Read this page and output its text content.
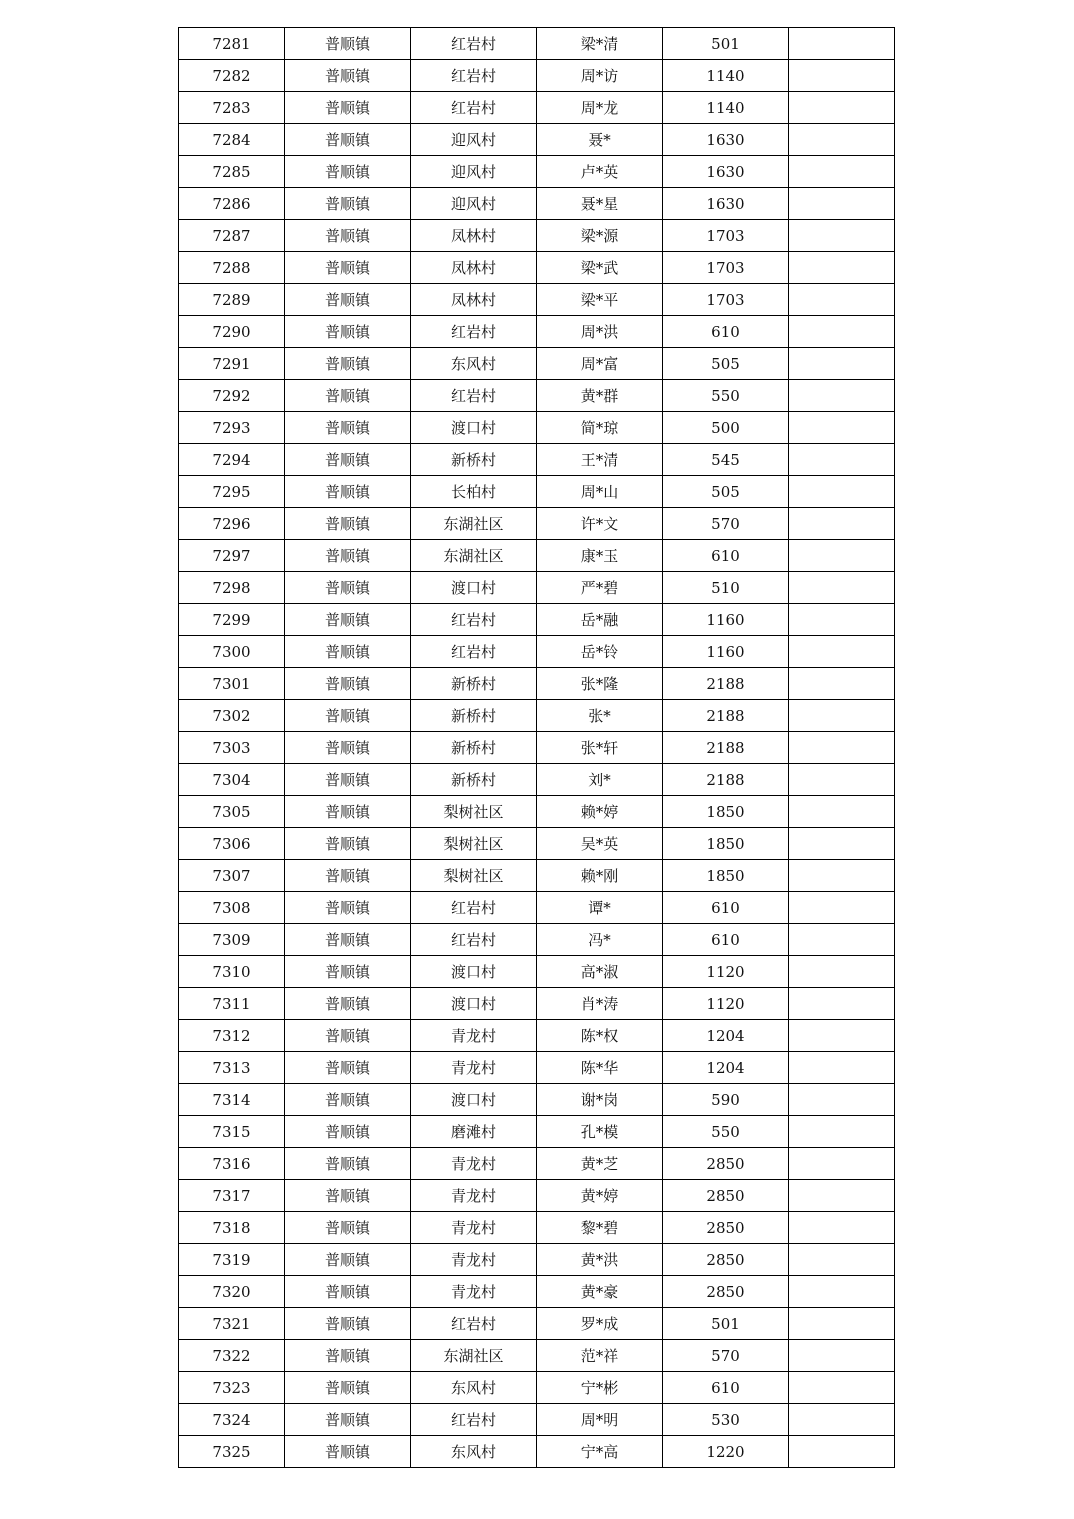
7281	普顺镇	红岩村	梁*清	501	
7282	普顺镇	红岩村	周*访	1140	
7283	普顺镇	红岩村	周*龙	1140	
7284	普顺镇	迎风村	聂*	1630	
7285	普顺镇	迎风村	卢*英	1630	
7286	普顺镇	迎风村	聂*星	1630	
7287	普顺镇	凤林村	梁*源	1703	
7288	普顺镇	凤林村	梁*武	1703	
7289	普顺镇	凤林村	梁*平	1703	
7290	普顺镇	红岩村	周*洪	610	
7291	普顺镇	东风村	周*富	505	
7292	普顺镇	红岩村	黄*群	550	
7293	普顺镇	渡口村	简*琼	500	
7294	普顺镇	新桥村	王*清	545	
7295	普顺镇	长柏村	周*山	505	
7296	普顺镇	东湖社区	许*文	570	
7297	普顺镇	东湖社区	康*玉	610	
7298	普顺镇	渡口村	严*碧	510	
7299	普顺镇	红岩村	岳*融	1160	
7300	普顺镇	红岩村	岳*铃	1160	
7301	普顺镇	新桥村	张*隆	2188	
7302	普顺镇	新桥村	张*	2188	
7303	普顺镇	新桥村	张*轩	2188	
7304	普顺镇	新桥村	刘*	2188	
7305	普顺镇	梨树社区	赖*婷	1850	
7306	普顺镇	梨树社区	吴*英	1850	
7307	普顺镇	梨树社区	赖*刚	1850	
7308	普顺镇	红岩村	谭*	610	
7309	普顺镇	红岩村	冯*	610	
7310	普顺镇	渡口村	高*淑	1120	
7311	普顺镇	渡口村	肖*涛	1120	
7312	普顺镇	青龙村	陈*权	1204	
7313	普顺镇	青龙村	陈*华	1204	
7314	普顺镇	渡口村	谢*岗	590	
7315	普顺镇	磨滩村	孔*模	550	
7316	普顺镇	青龙村	黄*芝	2850	
7317	普顺镇	青龙村	黄*婷	2850	
7318	普顺镇	青龙村	黎*碧	2850	
7319	普顺镇	青龙村	黄*洪	2850	
7320	普顺镇	青龙村	黄*豪	2850	
7321	普顺镇	红岩村	罗*成	501	
7322	普顺镇	东湖社区	范*祥	570	
7323	普顺镇	东风村	宁*彬	610	
7324	普顺镇	红岩村	周*明	530	
7325	普顺镇	东风村	宁*高	1220	
